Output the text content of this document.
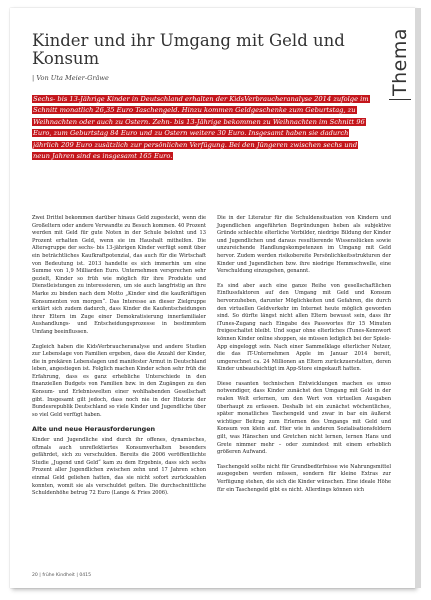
Thema
Kinder und ihr Umgang mit Geld und Konsum
| Von Uta Meier-Gräwe
Sechs- bis 13-Jährige Kinder in Deutschland erhalten der KidsVerbraucheranalyse 2014 zufolge im Schnitt monatlich 26,35 Euro Taschengeld. Hinzu kommen Geldgeschenke zum Geburtstag, zu Weihnachten oder auch zu Ostern. Zehn- bis 13-Jährige bekommen zu Weihnachten im Schnitt 96 Euro, zum Geburtstag 84 Euro und zu Ostern weitere 30 Euro. Insgesamt haben sie dadurch jährlich 209 Euro zusätzlich zur persönlichen Verfügung. Bei den Jüngeren zwischen sechs und neun Jahren sind es insgesamt 165 Euro.

Zwei Drittel bekommen darüber hinaus Geld zugesteckt, wenn die Großeltern oder andere Verwandte zu Besuch kommen. 40 Prozent werden mit Geld für gute Noten in der Schule belohnt und 13 Prozent erhalten Geld, wenn sie im Haushalt mithelfen. Die Altersgruppe der sechs- bis 13-jährigen Kinder verfügt somit über ein beträchtliches Kaufkraftpotenzial, das auch für die Wirtschaft von Bedeutung ist. 2013 handelte es sich immerhin um eine Summe von 1,9 Milliarden Euro. Unternehmen versprechen sehr gezielt, Kinder so früh wie möglich für ihre Produkte und Dienstleistungen zu interessieren, um sie auch langfristig an ihre Marke zu binden nach dem Motto „Kinder sind die kaufkräftigen Konsumenten von morgen“. Das Interesse an dieser Zielgruppe erklärt sich zudem dadurch, dass Kinder die Kaufentscheidungen ihrer Eltern im Zuge einer Demokratisierung innerfamilialer Aushandlungs- und Entscheidungsprozesse in bestimmtem Umfang beeinflussen.

Zugleich haben die KidsVerbraucheranalyse und andere Studien zur Lebenslage von Familien ergeben, dass die Anzahl der Kinder, die in prekären Lebenslagen und manifester Armut in Deutschland leben, angestiegen ist. Folglich machen Kinder schon sehr früh die Erfahrung, dass es ganz erhebliche Unterschiede in den finanziellen Budgets von Familien bzw. in den Zugängen zu den Konsum- und Erlebniswelten einer wohlhabenden Gesellschaft gibt. Insgesamt gilt jedoch, dass noch nie in der Historie der Bundesrepublik Deutschland so viele Kinder und Jugendliche über so viel Geld verfügt haben.

Alte und neue Herausforderungen

Kinder und Jugendliche sind durch ihr offenes, dynamisches, oftmals auch unreflektiertes Konsumverhalten besonders gefährdet, sich zu verschulden. Bereits die 2006 veröffentlichte Studie „Jugend und Geld“ kam zu dem Ergebnis, dass sich sechs Prozent aller Jugendlichen zwischen zehn und 17 Jahren schon einmal Geld geliehen hatten, das sie nicht sofort zurückzahlen konnten, womit sie als verschuldet gelten. Die durchschnittliche Schuldenhöhe betrug 72 Euro (Lange & Fries 2006).

Die in der Literatur für die Schuldensituation von Kindern und Jugendlichen angeführten Begründungen heben als subjektive Gründe schlechte elterliche Vorbilder, niedrige Bildung der Kinder und Jugendlichen und daraus resultierende Wissenslücken sowie unzureichende Handlungskompetenzen im Umgang mit Geld hervor. Zudem werden risikobereite Persönlichkeitsstrukturen der Kinder und Jugendlichen bzw. ihre niedrige Hemmschwelle, eine Verschuldung einzugehen, genannt.

Es sind aber auch eine ganze Reihe von gesellschaftlichen Einflussfaktoren auf den Umgang mit Geld und Konsum hervorzuheben, darunter Möglichkeiten und Gefahren, die durch den virtuellen Geldverkehr im Internet heute möglich geworden sind. So dürfte längst nicht allen Eltern bewusst sein, dass ihr iTunes-Zugang nach Eingabe des Passwortes für 15 Minuten freigeschaltet bleibt. Und sogar ohne elterliches iTunes-Kennwort können Kinder online shoppen, sie müssen lediglich bei der Spiele-App eingeloggt sein. Nach einer Sammelklage elterlicher Nutzer, die das IT-Unternehmen Apple im Januar 2014 bereit, umgerechnet ca. 24 Millionen an Eltern zurückzuerstatten, deren Kinder unbeaufsichtigt im App-Store eingekauft hatten.

Diese rasanten technischen Entwicklungen machen es umso notwendiger, dass Kinder zunächst den Umgang mit Geld in der realen Welt erlernen, um den Wert von virtuellen Ausgaben überhaupt zu erfassen. Deshalb ist ein zunächst wöchentliches, später monatliches Taschengeld und zwar in bar ein äußerst wichtiger Beitrag zum Erlernen des Umgangs mit Geld und Konsum von klein auf. Hier wie in anderen Sozialisationsfeldern gilt, was Hänschen und Gretchen nicht lernen, lernen Hans und Grete nimmer mehr – oder zumindest mit einem erheblich größeren Aufwand.

Taschengeld sollte nicht für Grundbedürfnisse wie Nahrungsmittel ausgegeben werden müssen, sondern für kleine Extras zur Verfügung stehen, die sich die Kinder wünschen. Eine ideale Höhe für ein Taschengeld gibt es nicht. Allerdings können sich

20 | frühe Kindheit | 0415
